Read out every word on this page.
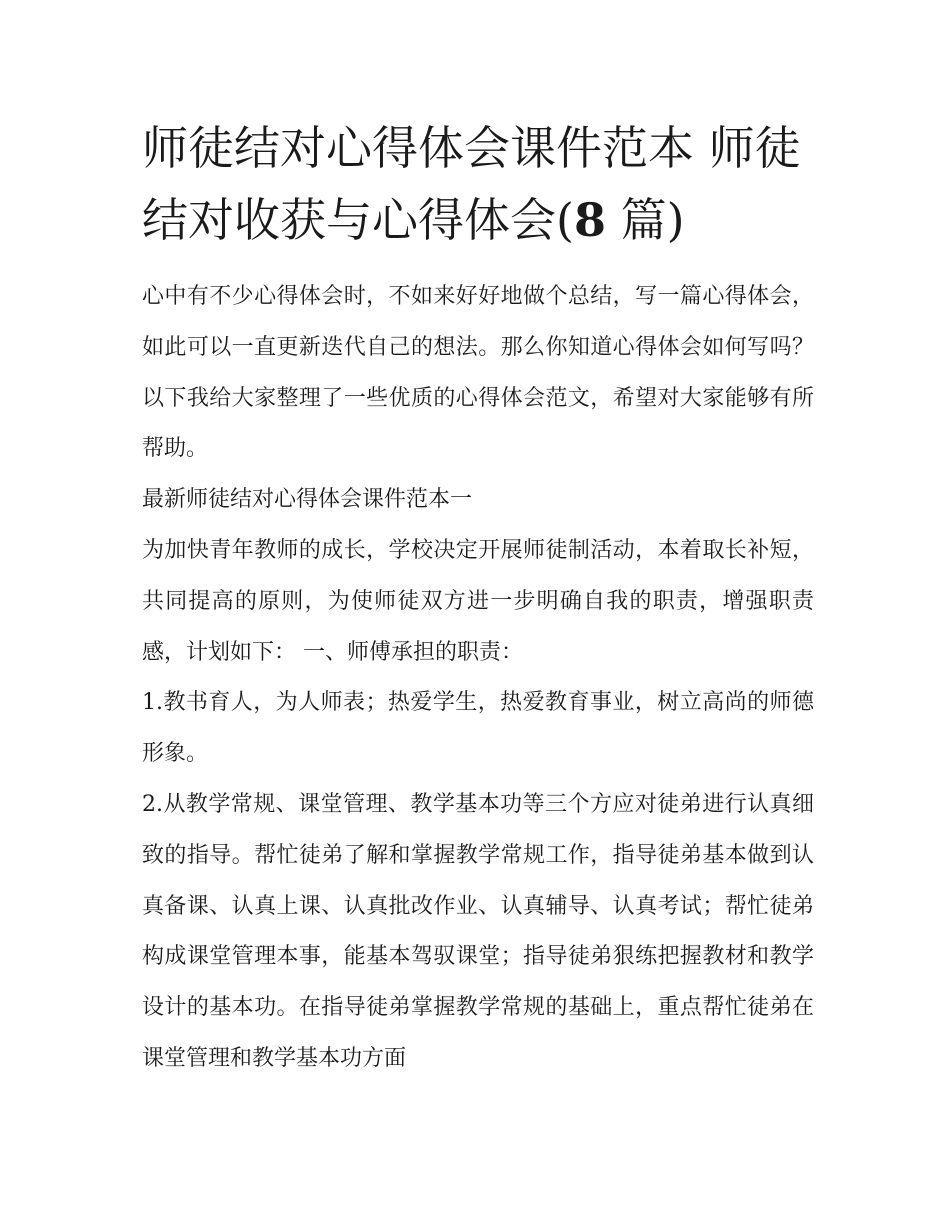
师徒结对心得体会课件范本 师徒结对收获与心得体会(8 篇)

心中有不少心得体会时，不如来好好地做个总结，写一篇心得体会，如此可以一直更新迭代自己的想法。那么你知道心得体会如何写吗？以下我给大家整理了一些优质的心得体会范文，希望对大家能够有所帮助。

最新师徒结对心得体会课件范本一

为加快青年教师的成长，学校决定开展师徒制活动，本着取长补短，共同提高的原则，为使师徒双方进一步明确自我的职责，增强职责感，计划如下： 一、师傅承担的职责：

1.教书育人，为人师表；热爱学生，热爱教育事业，树立高尚的师德形象。

2.从教学常规、课堂管理、教学基本功等三个方应对徒弟进行认真细致的指导。帮忙徒弟了解和掌握教学常规工作，指导徒弟基本做到认真备课、认真上课、认真批改作业、认真辅导、认真考试；帮忙徒弟构成课堂管理本事，能基本驾驭课堂；指导徒弟狠练把握教材和教学设计的基本功。在指导徒弟掌握教学常规的基础上，重点帮忙徒弟在课堂管理和教学基本功方面
